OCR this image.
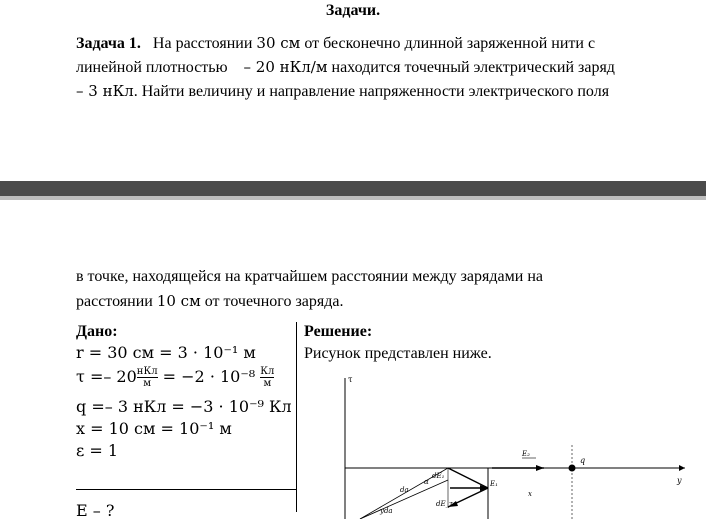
Задачи.
Задача 1. На расстоянии 30 см от бесконечно длинной заряженной нити с
линейной плотностью – 20 нКл/м находится точечный электрический заряд
– 3 нКл. Найти величину и направление напряженности электрического поля
в точке, находящейся на кратчайшем расстоянии между зарядами на
расстоянии 10 см от точечного заряда.
Дано:
r = 30 см = 3 · 10⁻¹ м
τ =– 20 нКл
м = −2 · 10⁻⁸ Кл
м
q =– 3 нКл = −3 · 10⁻⁹ Кл
x = 10 см = 10⁻¹ м
ε = 1
E – ?
Решение:
Рисунок представлен ниже.
τ
y
q
E₂
dE₁
α
da
E₁
dE_τ
x
yda
